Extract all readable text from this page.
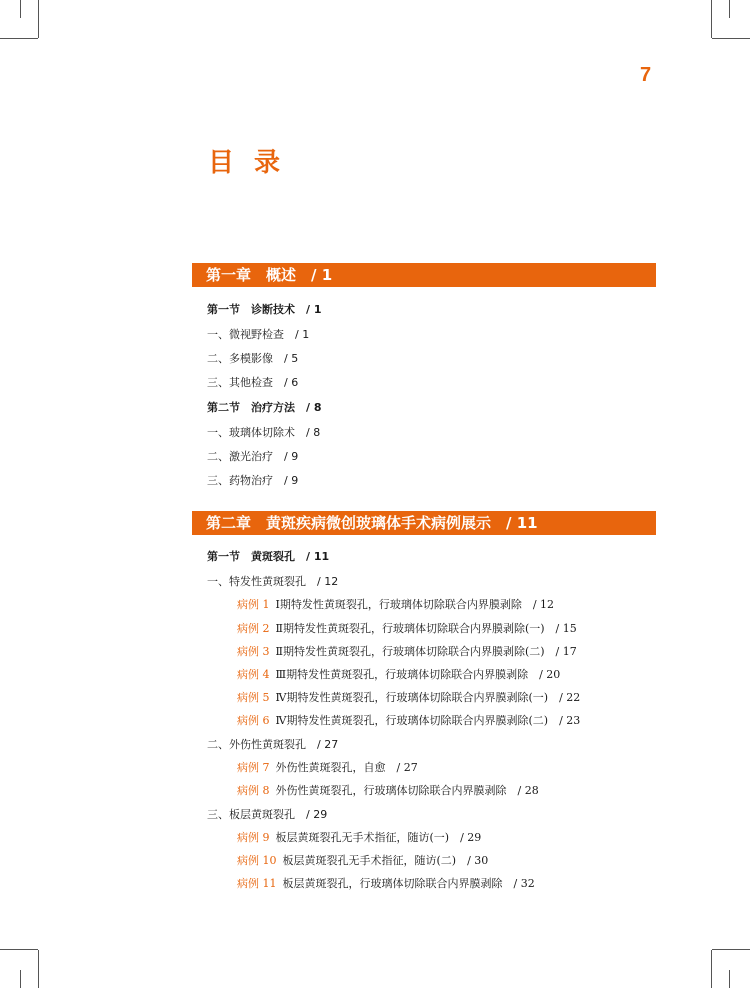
7
目录
第一章　概述　/ 1
第一节　诊断技术　/ 1
一、微视野检查　/ 1
二、多模影像　/ 5
三、其他检查　/ 6
第二节　治疗方法　/ 8
一、玻璃体切除术　/ 8
二、激光治疗　/ 9
三、药物治疗　/ 9
第二章　黄斑疾病微创玻璃体手术病例展示　/ 11
第一节　黄斑裂孔　/ 11
一、特发性黄斑裂孔　/ 12
病例 1 Ⅰ期特发性黄斑裂孔，行玻璃体切除联合内界膜剥除　/ 12
病例 2 Ⅱ期特发性黄斑裂孔，行玻璃体切除联合内界膜剥除(一)　/ 15
病例 3 Ⅱ期特发性黄斑裂孔，行玻璃体切除联合内界膜剥除(二)　/ 17
病例 4 Ⅲ期特发性黄斑裂孔，行玻璃体切除联合内界膜剥除　/ 20
病例 5 Ⅳ期特发性黄斑裂孔，行玻璃体切除联合内界膜剥除(一)　/ 22
病例 6 Ⅳ期特发性黄斑裂孔，行玻璃体切除联合内界膜剥除(二)　/ 23
二、外伤性黄斑裂孔　/ 27
病例 7 外伤性黄斑裂孔，自愈　/ 27
病例 8 外伤性黄斑裂孔，行玻璃体切除联合内界膜剥除　/ 28
三、板层黄斑裂孔　/ 29
病例 9 板层黄斑裂孔无手术指征，随访(一)　/ 29
病例 10 板层黄斑裂孔无手术指征，随访(二)　/ 30
病例 11 板层黄斑裂孔，行玻璃体切除联合内界膜剥除　/ 32
